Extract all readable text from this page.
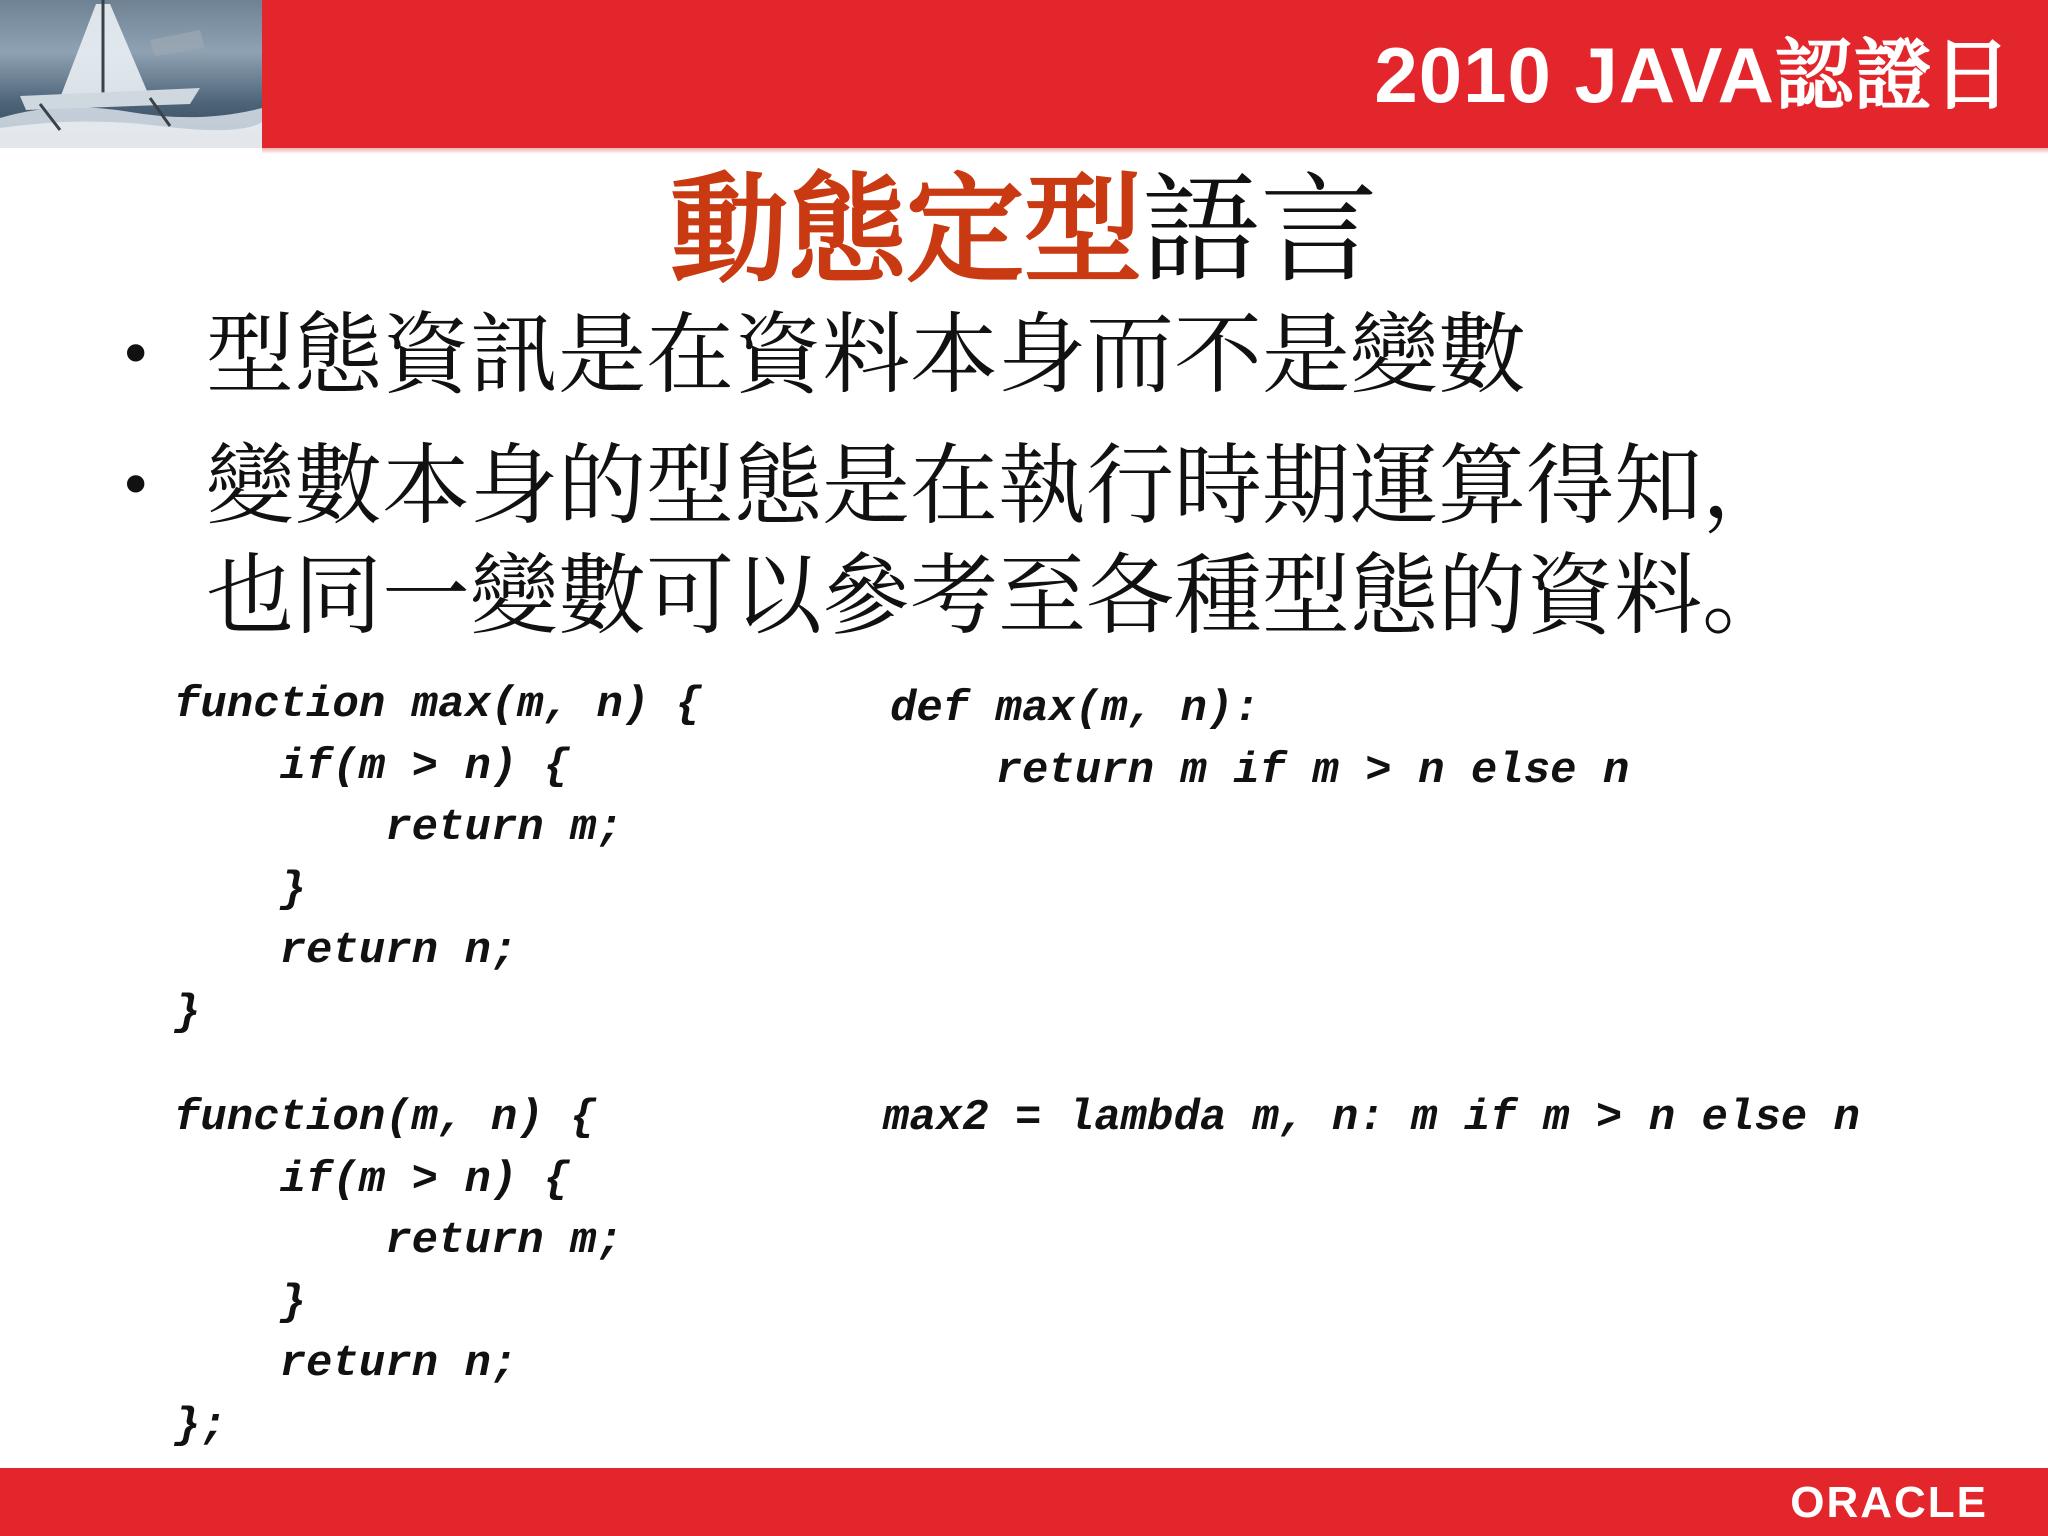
2010 JAVA認證日
動態定型語言
• 型態資訊是在資料本身而不是變數
• 變數本身的型態是在執行時期運算得知，
也同一變數可以參考至各種型態的資料。
function max(m, n) {
if(m > n) {
return m;
}
return n;
}
def max(m, n):
return m if m > n else n
function(m, n) {
if(m > n) {
return m;
}
return n;
};
max2 = lambda m, n: m if m > n else n
ORACLE
